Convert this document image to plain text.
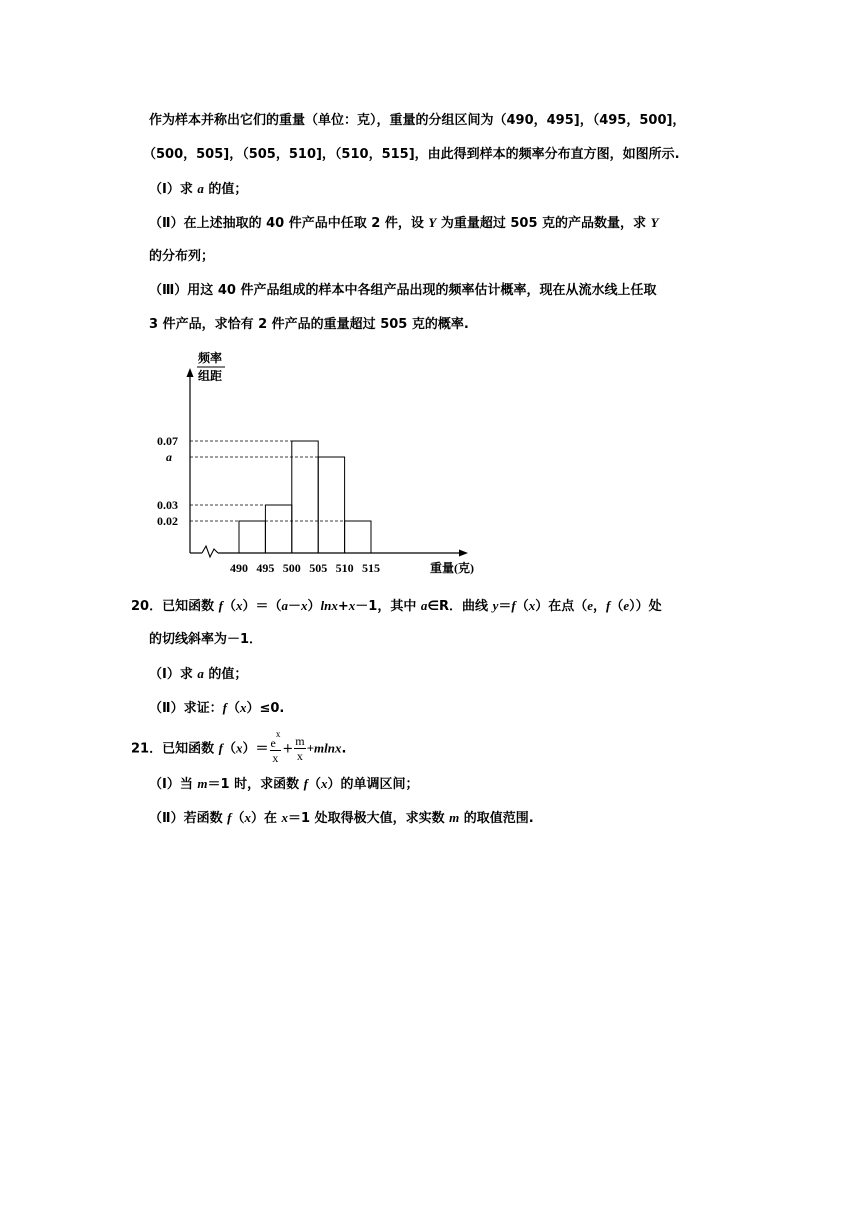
作为样本并称出它们的重量（单位：克），重量的分组区间为（490，495]，（495，500]，
（500，505]，（505，510]，（510，515]，由此得到样本的频率分布直方图，如图所示.
（Ⅰ）求 a 的值；
（Ⅱ）在上述抽取的 40 件产品中任取 2 件，设 Y 为重量超过 505 克的产品数量，求 Y
的分布列；
（Ⅲ）用这 40 件产品组成的样本中各组产品出现的频率估计概率，现在从流水线上任取
3 件产品，求恰有 2 件产品的重量超过 505 克的概率.
490 495 500 505 510 515
0.07
a
0.03
0.02
频率
组距
重量(克)
20．已知函数 f（x）＝（a－x）lnx+x－1，其中 a∈R．曲线 y＝f（x）在点（e，f（e））处
的切线斜率为－1．
（Ⅰ）求 a 的值；
（Ⅱ）求证：f（x）≤0.
21．已知函数 $f(x)= \frac{e^x}{x} + \frac{m}{x} +mlnx$.
（Ⅰ）当 m＝1 时，求函数 f（x）的单调区间；
（Ⅱ）若函数 f（x）在 x＝1 处取得极大值，求实数 m 的取值范围.
